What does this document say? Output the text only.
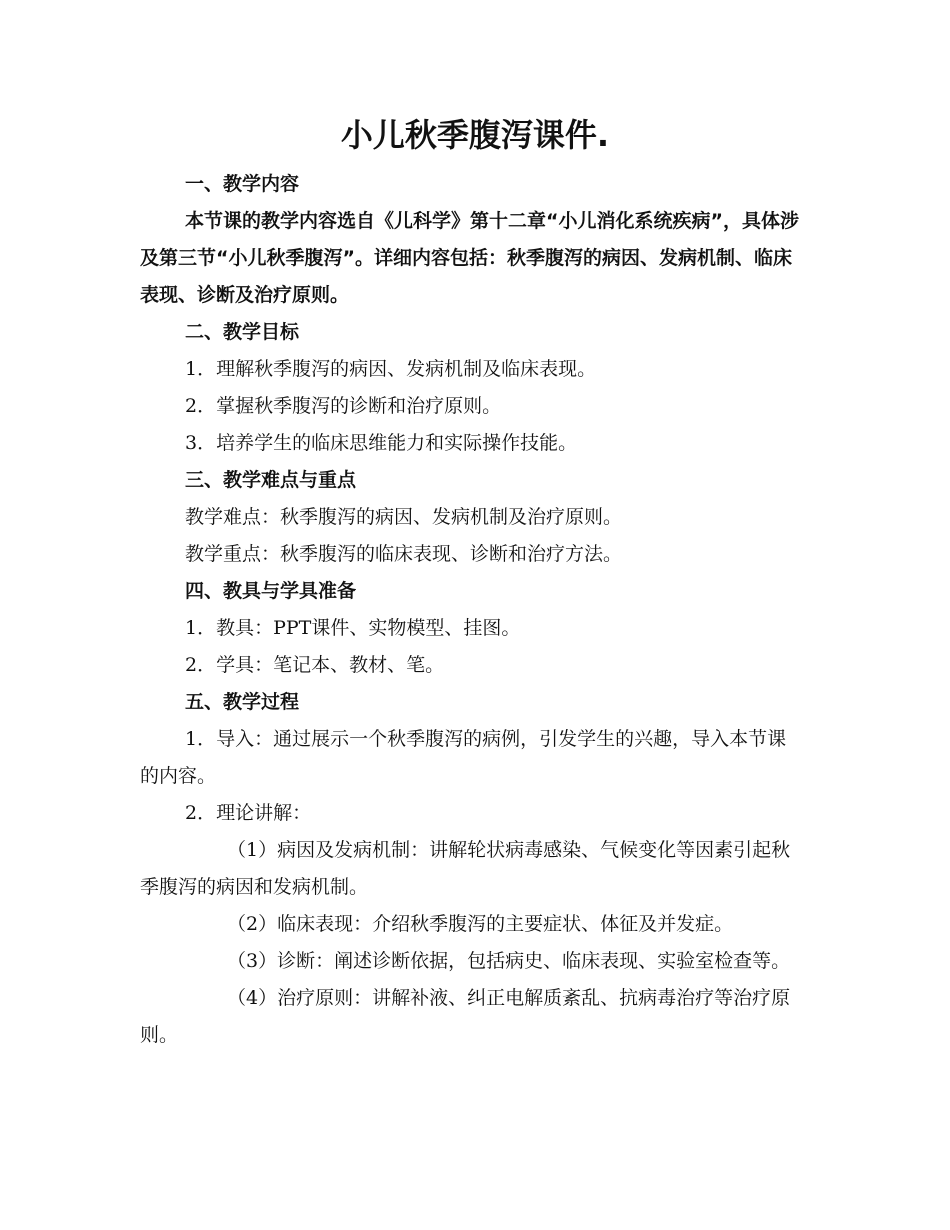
小儿秋季腹泻课件.

一、教学内容

本节课的教学内容选自《儿科学》第十二章“小儿消化系统疾病”，具体涉及第三节“小儿秋季腹泻”。详细内容包括：秋季腹泻的病因、发病机制、临床表现、诊断及治疗原则。

二、教学目标

1．理解秋季腹泻的病因、发病机制及临床表现。

2．掌握秋季腹泻的诊断和治疗原则。

3．培养学生的临床思维能力和实际操作技能。

三、教学难点与重点

教学难点：秋季腹泻的病因、发病机制及治疗原则。

教学重点：秋季腹泻的临床表现、诊断和治疗方法。

四、教具与学具准备

1．教具：PPT课件、实物模型、挂图。

2．学具：笔记本、教材、笔。

五、教学过程

1．导入：通过展示一个秋季腹泻的病例，引发学生的兴趣，导入本节课的内容。

2．理论讲解：

（1）病因及发病机制：讲解轮状病毒感染、气候变化等因素引起秋季腹泻的病因和发病机制。

（2）临床表现：介绍秋季腹泻的主要症状、体征及并发症。

（3）诊断：阐述诊断依据，包括病史、临床表现、实验室检查等。

（4）治疗原则：讲解补液、纠正电解质紊乱、抗病毒治疗等治疗原则。
